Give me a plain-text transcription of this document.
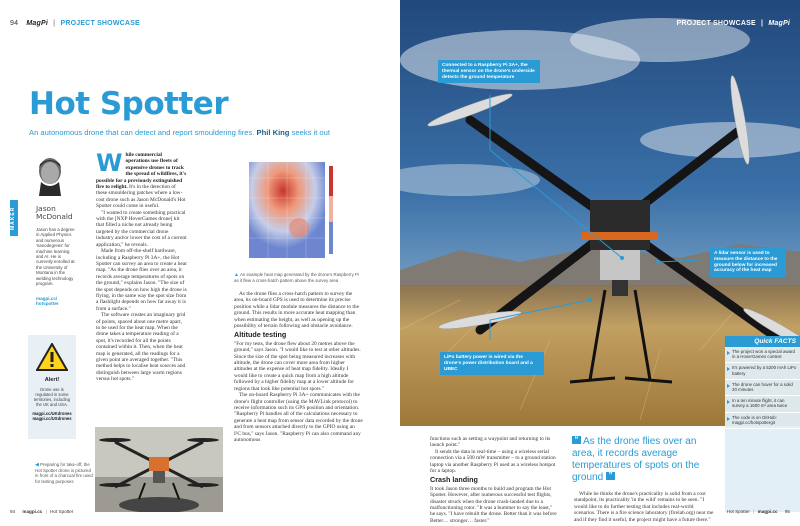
94 MagPi | PROJECT SHOWCASE
Hot Spotter
An autonomous drone that can detect and report smouldering fires. Phil King seeks it out
MAKER	Jason
McDonald
Jason has a degree in Applied Physics and numerous 'nanodegrees' for machine learning and AI. He is currently enrolled at the University of Montana in the welding technology program.
magpi.cc/
hotspotter
Alert!
Drone use is regulated in some territories, including the UK and USA.
magpi.cc/UKdrones
magpi.cc/USdrones
W hile commercial operations use fleets of expensive drones to track the spread of wildfires, it's possible for a previously extinguished fire to relight. It's in the detection of these smouldering patches where a low-cost drone such as Jason McDonald's Hot Spotter could come in useful.

"I wanted to create something practical with the [NXP HoverGames drone] kit that filled a niche not already being targeted by the commercial drone industry and/or lower the cost of a current application," he reveals.

Made from off-the-shelf hardware, including a Raspberry Pi 3A+, the Hot Spotter can survey an area to create a heat map. "As the drone flies over an area, it records average temperatures of spots on the ground," explains Jason. "The size of the spot depends on how high the drone is flying, in the same way the spot size from a flashlight depends on how far away it is from a surface."

The software creates an imaginary grid of points, spaced about one metre apart, to be used for the heat map. When the drone takes a temperature reading of a spot, it's recorded for all the points contained within it. Then, when the heat map is generated, all the readings for a given point are averaged together. "This method helps to localise heat sources and distinguish between large warm regions versus hot spots."

▲ An example heat map generated by the drone's Raspberry Pi as it flew a cross-hatch pattern above the survey area

As the drone flies a cross-hatch pattern to survey the area, its on-board GPS is used to determine its precise position while a lidar module measures the distance to the ground. This results in more accurate heat mapping than when estimating the height, as well as opening up the possibility of terrain following and obstacle avoidance.

Altitude testing

"For my tests, the drone flew about 20 metres above the ground," says Jason. "I would like to test at other altitudes. Since the size of the spot being measured increases with altitude, the drone can cover more area from higher altitudes at the expense of heat map fidelity. Ideally I would like to create a quick map from a high altitude followed by a higher fidelity map at a lower altitude for regions that look like potential hot spots."

The on-board Raspberry Pi 3A+ communicates with the drone's flight controller (using the MAVLink protocol) to receive information such its GPS position and orientation. "Raspberry Pi handles all of the calculations necessary to generate a heat map from sensor data recorded by the drone and from sensors attached directly to the GPIO using an I²C bus," says Jason. "Raspberry Pi can also command any autonomous

◀ Preparing for take-off, the Hot Spotter drone is pictured in front of a charcoal fire used for testing purposes
94 magpi.cc | Hot Spotter
PROJECT SHOWCASE | MagPi
Connected to a Raspberry Pi 3A+, the thermal sensor on the drone's underside detects the ground temperature
A lidar sensor is used to measure the distance to the ground below for increased accuracy of the heat map
LiPo battery power is wired via the drone's power distribution board and a UBEC
Quick FACTS
The project won a special award in a HoverGames contest
It's powered by a 5200 mAh LiPo battery
The drone can hover for a solid 20 minutes
In a ten minute flight, it can survey a 1600 m² area twice
The code is on GitHub: magpi.cc/hotspottergit

functions such as setting a waypoint and returning to its launch point."

It sends the data in real-time – using a wireless serial connection via a 500 mW transmitter – to a ground station laptop via another Raspberry Pi used as a wireless hotspot for a laptop.

Crash landing

It took Jason three months to build and program the Hot Spotter. However, after numerous successful test flights, disaster struck when the drone crash-landed due to a malfunctioning rotor. "It was a bummer to say the least," he says. "I have rebuilt the drone. Better than it was before Better… stronger… faster."

“ As the drone flies over an area, it records average temperatures of spots on the ground ”

While he thinks the drone's practicality is solid from a cost standpoint, its practicality 'in the wild' remains to be seen. "I would like to do further testing that includes real-world scenarios. There is a fire science laboratory (firelab.org) near me and if they find it useful, the project might have a future there."

Hot Spotter | magpi.cc 95
